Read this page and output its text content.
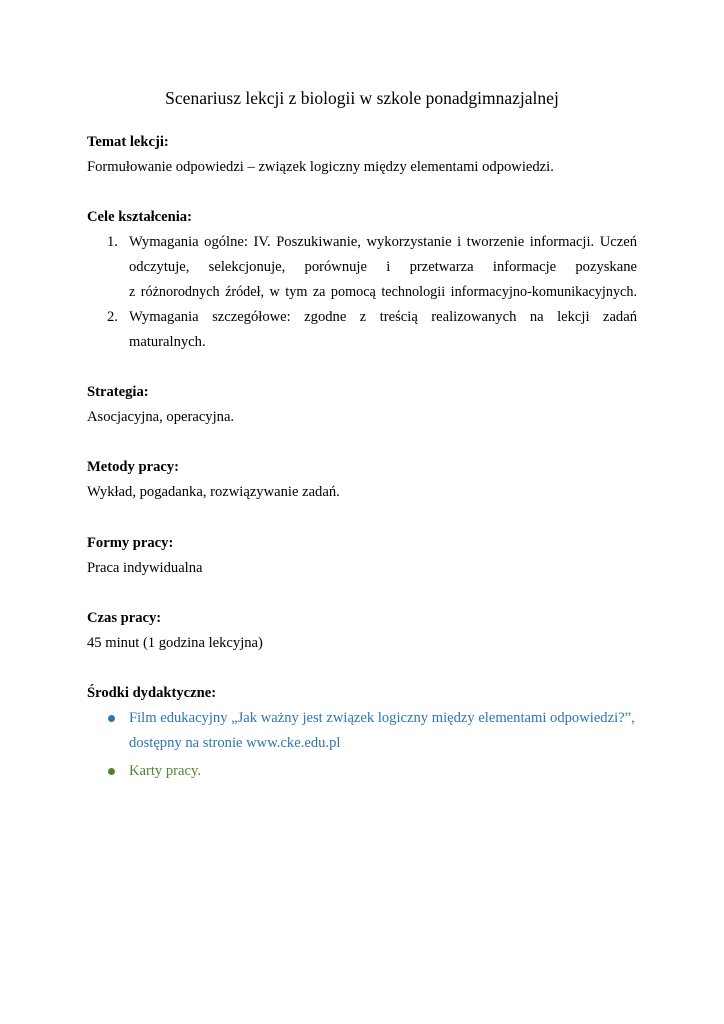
Scenariusz lekcji z biologii w szkole ponadgimnazjalnej
Temat lekcji:
Formułowanie odpowiedzi – związek logiczny między elementami odpowiedzi.
Cele kształcenia:
1. Wymagania ogólne: IV. Poszukiwanie, wykorzystanie i tworzenie informacji. Uczeń
odczytuje, selekcjonuje, porównuje i przetwarza informacje pozyskane
z różnorodnych źródeł, w tym za pomocą technologii informacyjno-komunikacyjnych.
2. Wymagania szczegółowe: zgodne z treścią realizowanych na lekcji zadań
maturalnych.
Strategia:
Asocjacyjna, operacyjna.
Metody pracy:
Wykład, pogadanka, rozwiązywanie zadań.
Formy pracy:
Praca indywidualna
Czas pracy:
45 minut (1 godzina lekcyjna)
Środki dydaktyczne:
Film edukacyjny „Jak ważny jest związek logiczny między elementami odpowiedzi?”,
dostępny na stronie www.cke.edu.pl
Karty pracy.
